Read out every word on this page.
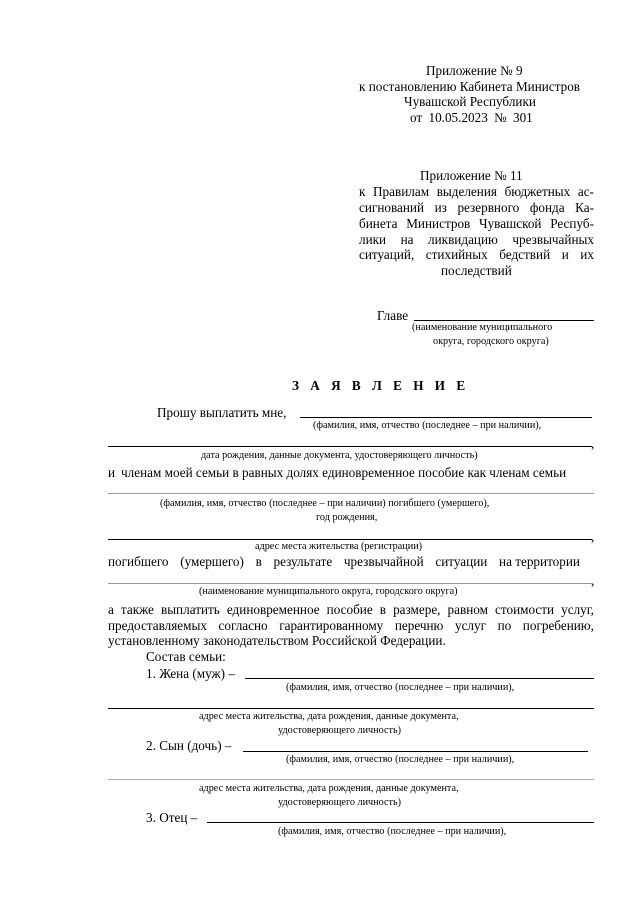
Приложение № 9
к постановлению Кабинета Министров
Чувашской Республики
от 10.05.2023 № 301
Приложение № 11
к Правилам выделения бюджетных ас-
сигнований из резервного фонда Ка-
бинета Министров Чувашской Респуб-
лики на ликвидацию чрезвычайных
ситуаций, стихийных бедствий и их
последствий
Главе
(наименование муниципального
округа, городского округа)
З А Я В Л Е Н И Е
Прошу выплатить мне,
(фамилия, имя, отчество (последнее – при наличии),
,
дата рождения, данные документа, удостоверяющего личность)
и членам моей семьи в равных долях единовременное пособие как членам семьи
(фамилия, имя, отчество (последнее – при наличии) погибшего (умершего),
год рождения,
,
адрес места жительства (регистрации)
погибшего (умершего) в результате чрезвычайной ситуации на территории
,
(наименование муниципального округа, городского округа)
а также выплатить единовременное пособие в размере, равном стоимости услуг,
предоставляемых согласно гарантированному перечню услуг по погребению,
установленному законодательством Российской Федерации.
Состав семьи:
1. Жена (муж) –
(фамилия, имя, отчество (последнее – при наличии),
адрес места жительства, дата рождения, данные документа,
удостоверяющего личность)
2. Сын (дочь) –
(фамилия, имя, отчество (последнее – при наличии),
адрес места жительства, дата рождения, данные документа,
удостоверяющего личность)
3. Отец –
(фамилия, имя, отчество (последнее – при наличии),
